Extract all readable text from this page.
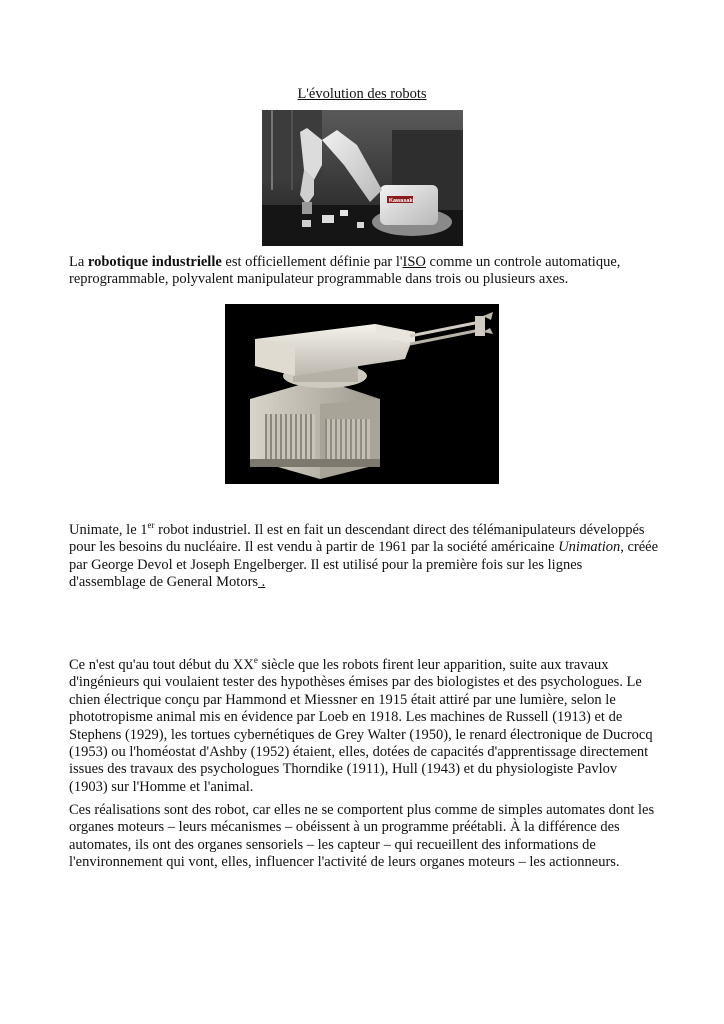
L'évolution des robots
Kawasaki

La robotique industrielle est officiellement définie par l'ISO comme un controle automatique, reprogrammable, polyvalent manipulateur programmable dans trois ou plusieurs axes.

Unimate, le 1er robot industriel. Il est en fait un descendant direct des télémanipulateurs développés pour les besoins du nucléaire. Il est vendu à partir de 1961 par la société américaine Unimation, créée par George Devol et Joseph Engelberger. Il est utilisé pour la première fois sur les lignes d'assemblage de General Motors .

Ce n'est qu'au tout début du XXe siècle que les robots firent leur apparition, suite aux travaux d'ingénieurs qui voulaient tester des hypothèses émises par des biologistes et des psychologues. Le chien électrique conçu par Hammond et Miessner en 1915 était attiré par une lumière, selon le phototropisme animal mis en évidence par Loeb en 1918. Les machines de Russell (1913) et de Stephens (1929), les tortues cybernétiques de Grey Walter (1950), le renard électronique de Ducrocq (1953) ou l'homéostat d'Ashby (1952) étaient, elles, dotées de capacités d'apprentissage directement issues des travaux des psychologues Thorndike (1911), Hull (1943) et du physiologiste Pavlov (1903) sur l'Homme et l'animal.

Ces réalisations sont des robot, car elles ne se comportent plus comme de simples automates dont les organes moteurs – leurs mécanismes – obéissent à un programme préétabli. À la différence des automates, ils ont des organes sensoriels – les capteur – qui recueillent des informations de l'environnement qui vont, elles, influencer l'activité de leurs organes moteurs – les actionneurs.
